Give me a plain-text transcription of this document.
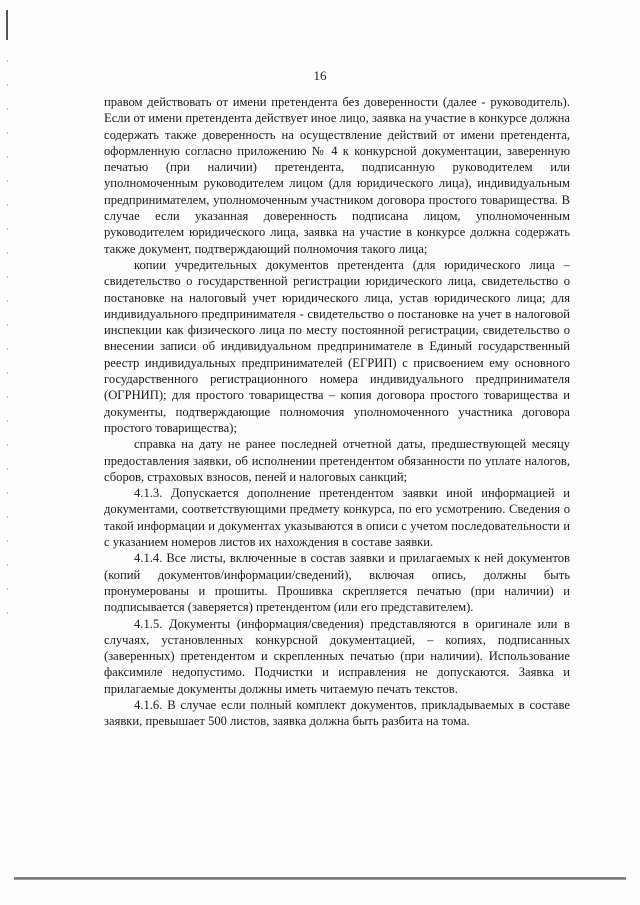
16

правом действовать от имени претендента без доверенности (далее - руководитель). Если от имени претендента действует иное лицо, заявка на участие в конкурсе должна содержать также доверенность на осуществление действий от имени претендента, оформленную согласно приложению № 4 к конкурсной документации, заверенную печатью (при наличии) претендента, подписанную руководителем или уполномоченным руководителем лицом (для юридического лица), индивидуальным предпринимателем, уполномоченным участником договора простого товарищества. В случае если указанная доверенность подписана лицом, уполномоченным руководителем юридического лица, заявка на участие в конкурсе должна содержать также документ, подтверждающий полномочия такого лица;

копии учредительных документов претендента (для юридического лица – свидетельство о государственной регистрации юридического лица, свидетельство о постановке на налоговый учет юридического лица, устав юридического лица; для индивидуального предпринимателя - свидетельство о постановке на учет в налоговой инспекции как физического лица по месту постоянной регистрации, свидетельство о внесении записи об индивидуальном предпринимателе в Единый государственный реестр индивидуальных предпринимателей (ЕГРИП) с присвоением ему основного государственного регистрационного номера индивидуального предпринимателя (ОГРНИП); для простого товарищества – копия договора простого товарищества и документы, подтверждающие полномочия уполномоченного участника договора простого товарищества);

справка на дату не ранее последней отчетной даты, предшествующей месяцу предоставления заявки, об исполнении претендентом обязанности по уплате налогов, сборов, страховых взносов, пеней и налоговых санкций;

4.1.3. Допускается дополнение претендентом заявки иной информацией и документами, соответствующими предмету конкурса, по его усмотрению. Сведения о такой информации и документах указываются в описи с учетом последовательности и с указанием номеров листов их нахождения в составе заявки.

4.1.4. Все листы, включенные в состав заявки и прилагаемых к ней документов (копий документов/информации/сведений), включая опись, должны быть пронумерованы и прошиты. Прошивка скрепляется печатью (при наличии) и подписывается (заверяется) претендентом (или его представителем).

4.1.5. Документы (информация/сведения) представляются в оригинале или в случаях, установленных конкурсной документацией, – копиях, подписанных (заверенных) претендентом и скрепленных печатью (при наличии). Использование факсимиле недопустимо. Подчистки и исправления не допускаются. Заявка и прилагаемые документы должны иметь читаемую печать текстов.

4.1.6. В случае если полный комплект документов, прикладываемых в составе заявки, превышает 500 листов, заявка должна быть разбита на тома.
